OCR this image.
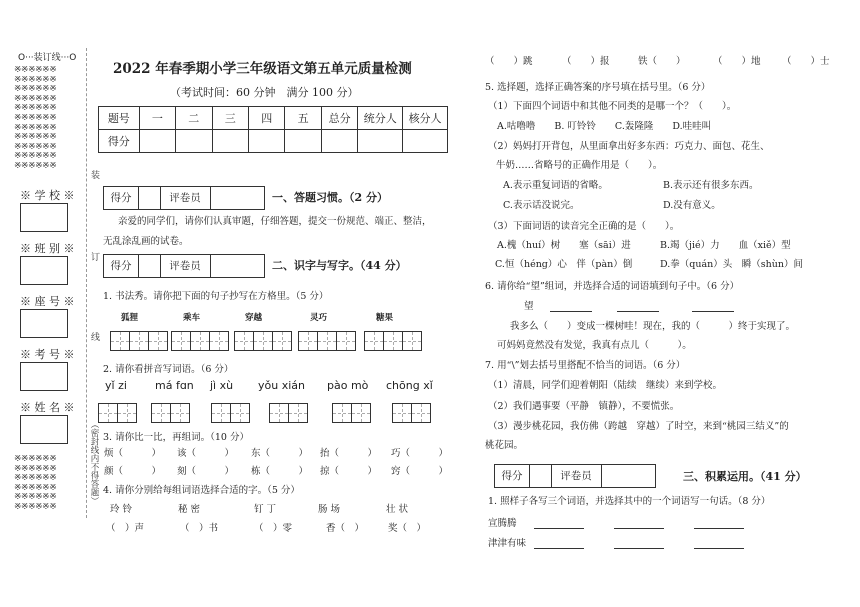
O···装订线···O
※※※※※※
※※※※※※
※※※※※※
※※※※※※
※※※※※※
※※※※※※
※※※※※※
※※※※※※
※※※※※※
※※※※※※
※※※※※※
※ 学 校 ※
※ 班 别 ※
※ 座 号 ※
※ 考 号 ※
※ 姓 名 ※
※※※※※※
※※※※※※
※※※※※※
※※※※※※
※※※※※※
※※※※※※
装
订
线
（密封线内不得答题）
2022 年春季期小学三年级语文第五单元质量检测
（考试时间：60 分钟　满分 100 分）
题号	一	二	三	四	五	总分	统分人	核分人
得分								
得分	评卷员	一、答题习惯。（2 分）
亲爱的同学们，请你们认真审题，仔细答题，提交一份规范、端正、整洁，
无乱涂乱画的试卷。
得分	评卷员	二、识字与写字。（44 分）
1. 书法秀。请你把下面的句子抄写在方格里。（5 分）
狐狸	乘车	穿越	灵巧	糖果
2. 请你看拼音写词语。（6 分）
yǐ zi	má fɑn jì xù yǒu xián pào mò chōng xǐ
3. 请你比一比，再组词。（10 分）
烦（　　　） 该（　　　） 东（　　　） 抬（　　　） 巧（　　　）
颜（　　　） 刻（　　　） 栋（　　　） 掠（　　　） 窍（　　　）
4. 请你分别给每组词语选择合适的字。（5 分）
玲 铃	秘 密	钉 丁	肠 场	壮 状
（　）声	（　）书	（　）零	香（　）	奖（　）
（　　）跳	（　　）报	铁（　　）	（　　）地 （　　）士
5. 选择题，选择正确答案的序号填在括号里。（6 分）
（1）下面四个词语中和其他不同类的是哪一个？（　　）。
A.咕噜噜　　B. 叮铃铃　　C.轰隆隆　　D.哇哇叫
（2）妈妈打开背包，从里面拿出好多东西：巧克力、面包、花生、
牛奶……省略号的正确作用是（　　）。
A.表示重复词语的省略。	B.表示还有很多东西。
C.表示话没说完。	D.没有意义。
（3）下面词语的读音完全正确的是（　　）。
A.槐（huí）树　　塞（sāi）进	B.竭（jié）力　　血（xiě）型
C.恒（héng）心　伴（pàn）倒	D.拳（quán）头　瞬（shùn）间
6. 请你给“望”组词，并选择合适的词语填到句子中。（6 分）
望
我多么（　　）变成一棵树哇！现在，我的（　　　）终于实现了。
可妈妈竟然没有发觉，我真有点儿（　　　）。
7. 用“\”划去括号里搭配不恰当的词语。（6 分）
（1）清晨，同学们迎着朝阳（陆续　继续）来到学校。
（2）我们遇事要（平静　镇静），不要慌张。
（3）漫步桃花园，我仿佛（跨越　穿越）了时空，来到“桃园三结义”的
桃花园。
得分	评卷员	三、积累运用。（41 分）
1. 照样子各写三个词语，并选择其中的一个词语写一句话。（8 分）
宣腾腾
津津有味
